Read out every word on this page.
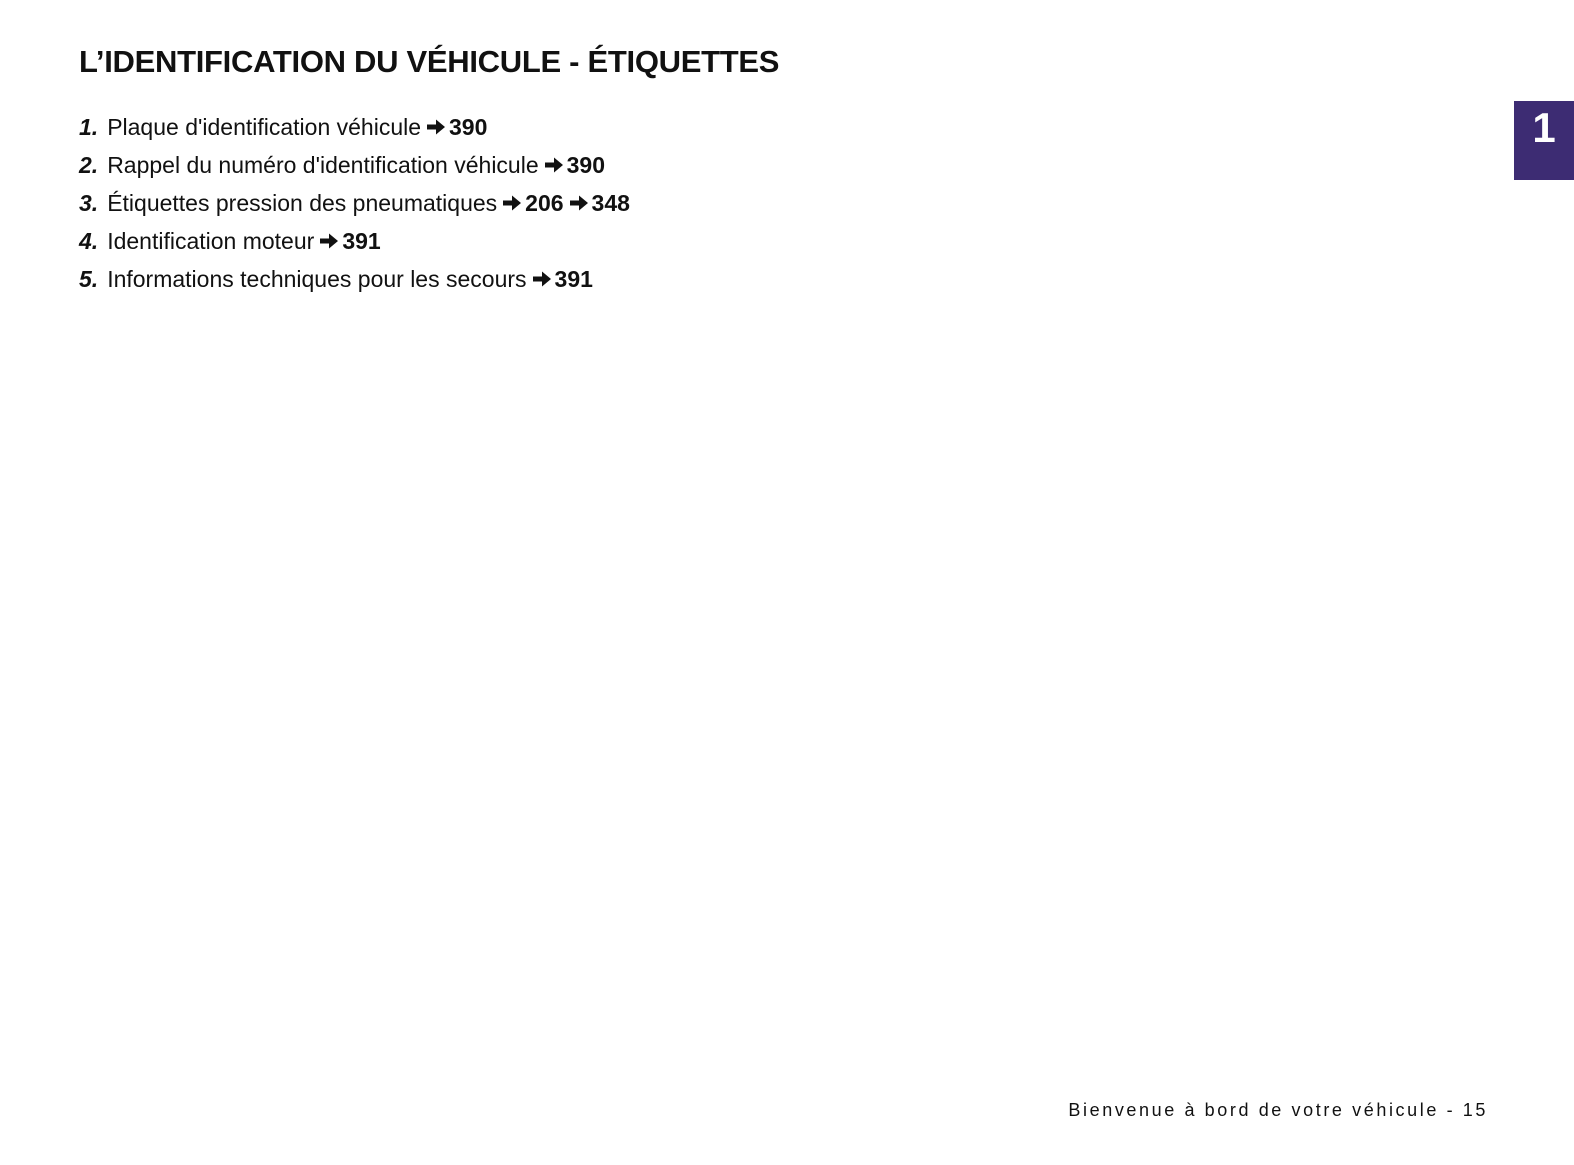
L’IDENTIFICATION DU VÉHICULE - ÉTIQUETTES
1. Plaque d'identification véhicule 390
2. Rappel du numéro d'identification véhicule 390
3. Étiquettes pression des pneumatiques 206 348
4. Identification moteur 391
5. Informations techniques pour les secours 391
1
Bienvenue à bord de votre véhicule - 15
